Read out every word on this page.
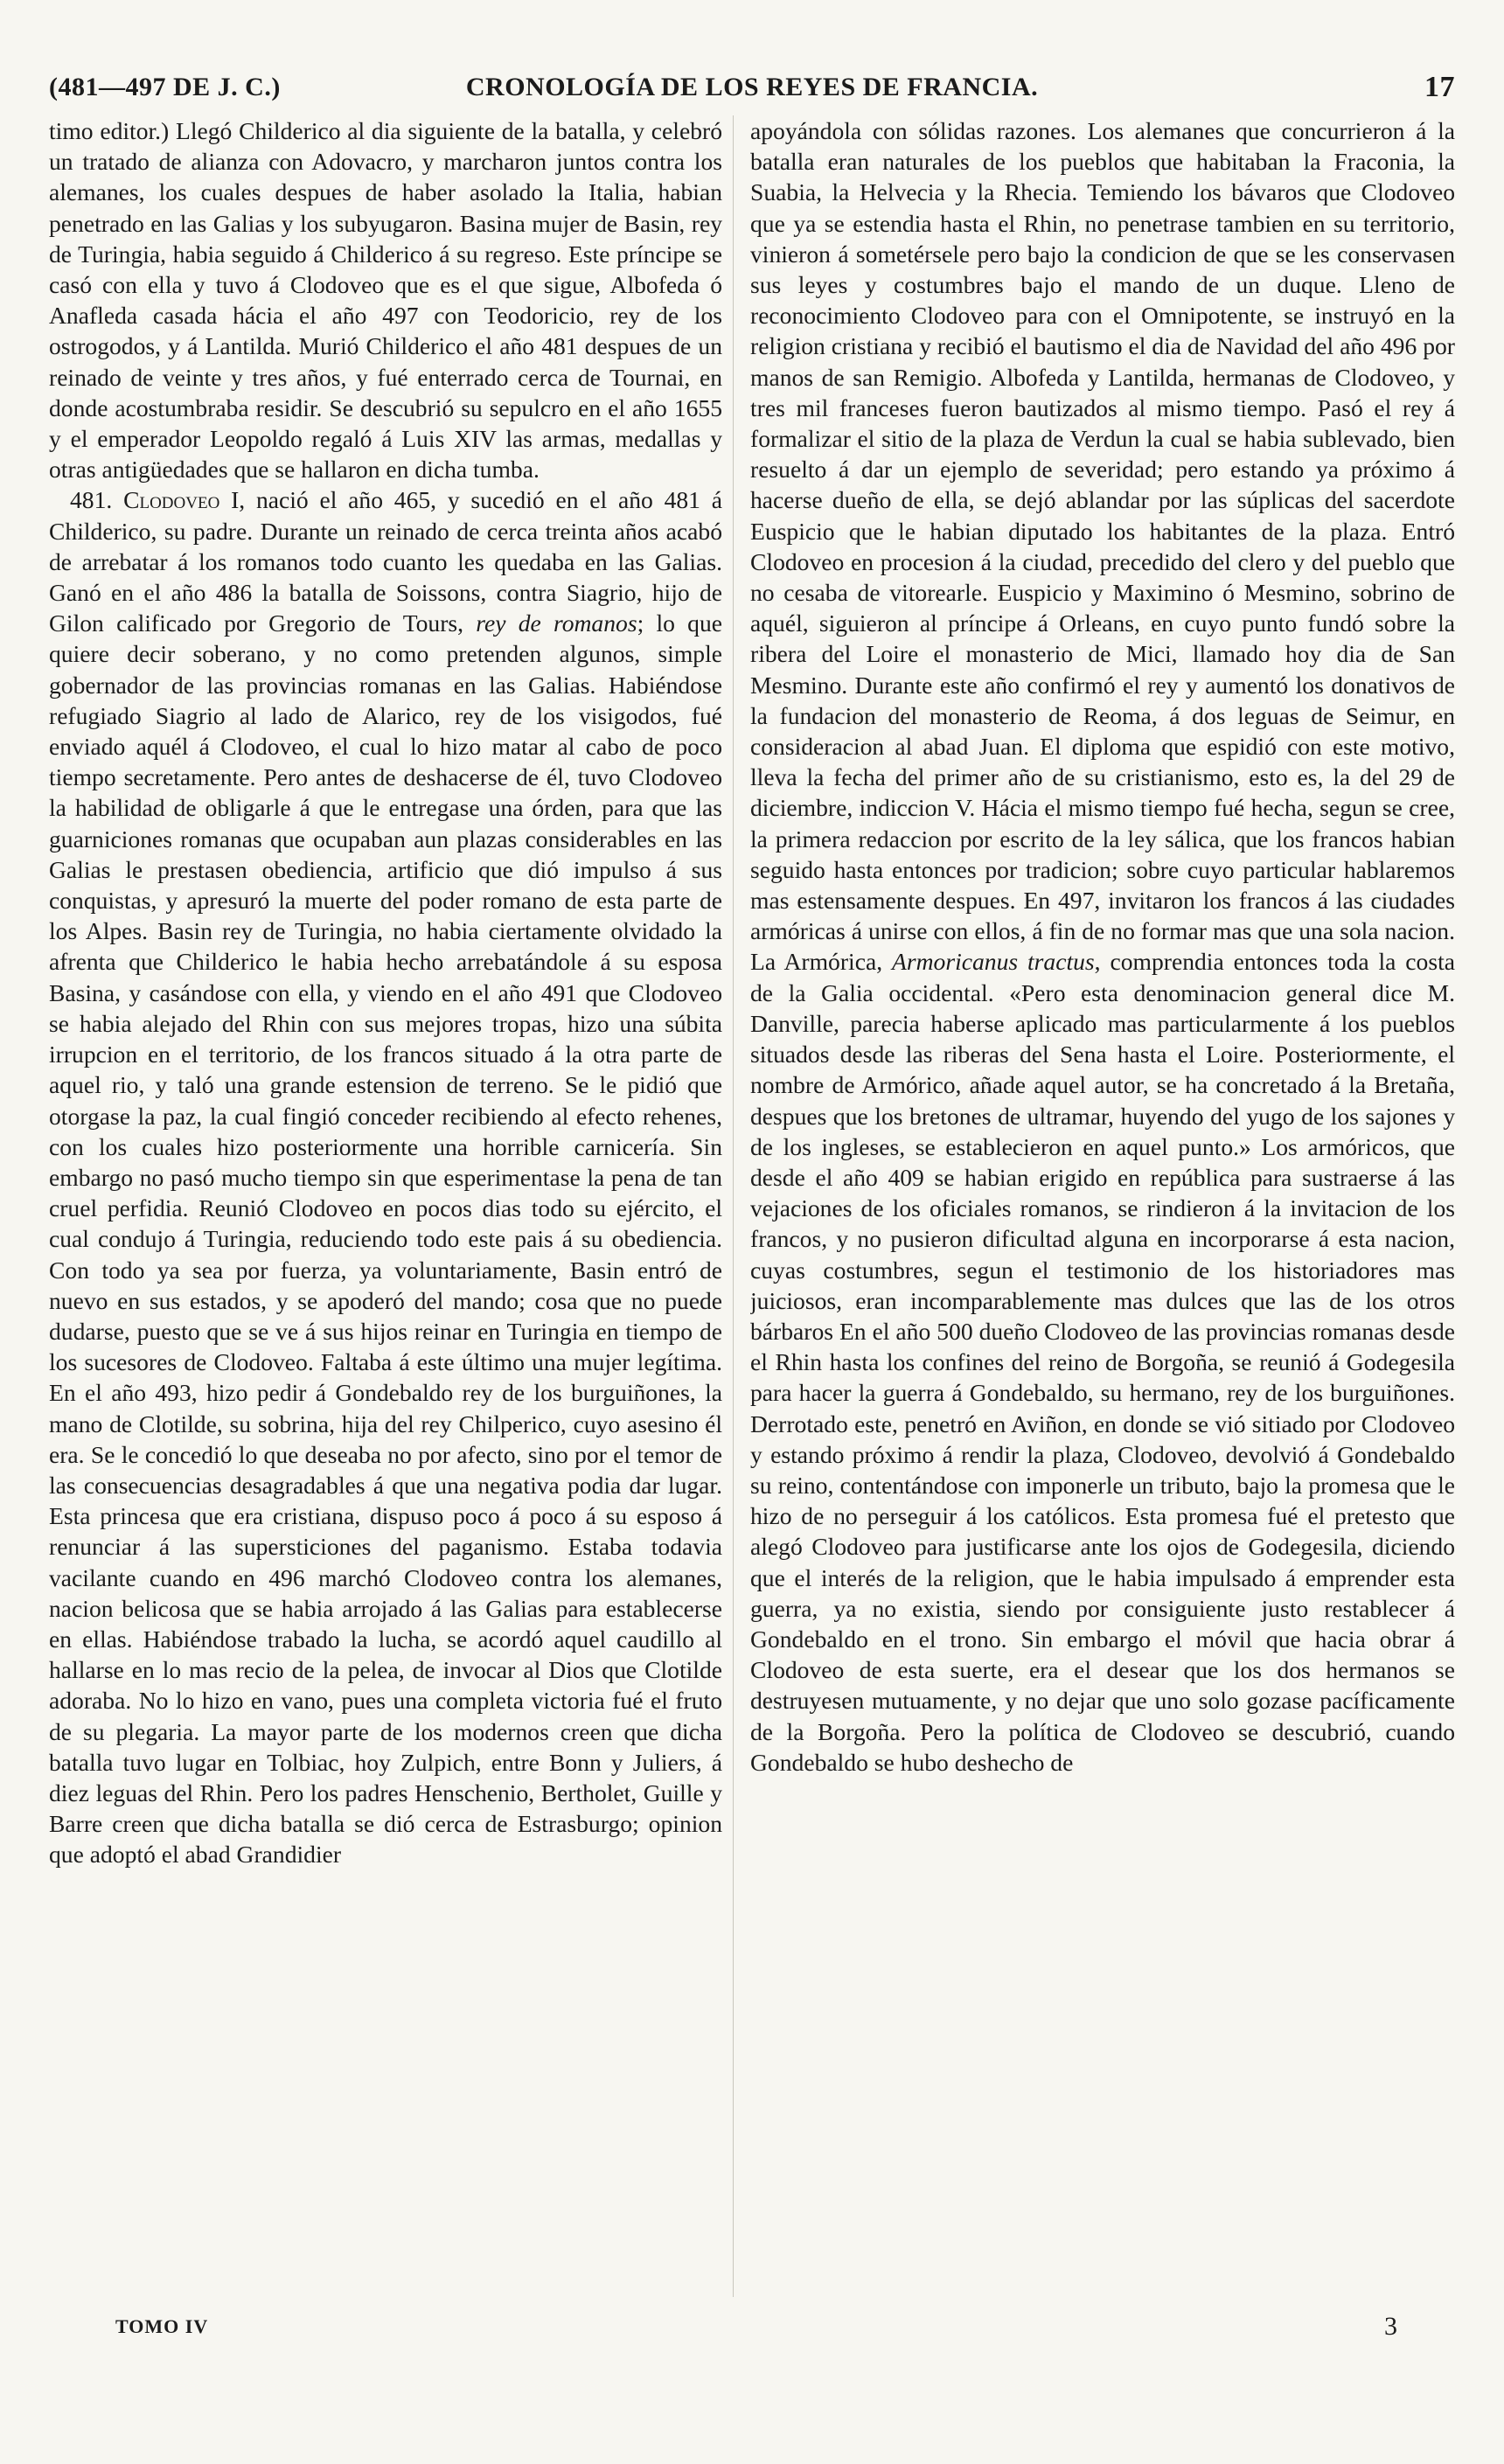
(481—497 DE J. C.)	CRONOLOGÍA DE LOS REYES DE FRANCIA.	17

timo editor.) Llegó Childerico al dia siguiente de la batalla, y celebró un tratado de alianza con Adovacro, y marcharon juntos contra los alemanes, los cuales despues de haber asolado la Italia, habian penetrado en las Galias y los subyugaron. Basina mujer de Basin, rey de Turingia, habia seguido á Childerico á su regreso. Este príncipe se casó con ella y tuvo á Clodoveo que es el que sigue, Albofeda ó Anafleda casada hácia el año 497 con Teodoricio, rey de los ostrogodos, y á Lantilda. Murió Childerico el año 481 despues de un reinado de veinte y tres años, y fué enterrado cerca de Tournai, en donde acostumbraba residir. Se descubrió su sepulcro en el año 1655 y el emperador Leopoldo regaló á Luis XIV las armas, medallas y otras antigüedades que se hallaron en dicha tumba.

481. Clodoveo I, nació el año 465, y sucedió en el año 481 á Childerico, su padre. Durante un reinado de cerca treinta años acabó de arrebatar á los romanos todo cuanto les quedaba en las Galias. Ganó en el año 486 la batalla de Soissons, contra Siagrio, hijo de Gilon calificado por Gregorio de Tours, rey de romanos; lo que quiere decir soberano, y no como pretenden algunos, simple gobernador de las provincias romanas en las Galias. Habiéndose refugiado Siagrio al lado de Alarico, rey de los visigodos, fué enviado aquél á Clodoveo, el cual lo hizo matar al cabo de poco tiempo secretamente. Pero antes de deshacerse de él, tuvo Clodoveo la habilidad de obligarle á que le entregase una órden, para que las guarniciones romanas que ocupaban aun plazas considerables en las Galias le prestasen obediencia, artificio que dió impulso á sus conquistas, y apresuró la muerte del poder romano de esta parte de los Alpes. Basin rey de Turingia, no habia ciertamente olvidado la afrenta que Childerico le habia hecho arrebatándole á su esposa Basina, y casándose con ella, y viendo en el año 491 que Clodoveo se habia alejado del Rhin con sus mejores tropas, hizo una súbita irrupcion en el territorio, de los francos situado á la otra parte de aquel rio, y taló una grande estension de terreno. Se le pidió que otorgase la paz, la cual fingió conceder recibiendo al efecto rehenes, con los cuales hizo posteriormente una horrible carnicería. Sin embargo no pasó mucho tiempo sin que esperimentase la pena de tan cruel perfidia. Reunió Clodoveo en pocos dias todo su ejército, el cual condujo á Turingia, reduciendo todo este pais á su obediencia. Con todo ya sea por fuerza, ya voluntariamente, Basin entró de nuevo en sus estados, y se apoderó del mando; cosa que no puede dudarse, puesto que se ve á sus hijos reinar en Turingia en tiempo de los sucesores de Clodoveo. Faltaba á este último una mujer legítima. En el año 493, hizo pedir á Gondebaldo rey de los burguiñones, la mano de Clotilde, su sobrina, hija del rey Chilperico, cuyo asesino él era. Se le concedió lo que deseaba no por afecto, sino por el temor de las consecuencias desagradables á que una negativa podia dar lugar. Esta princesa que era cristiana, dispuso poco á poco á su esposo á renunciar á las supersticiones del paganismo. Estaba todavia vacilante cuando en 496 marchó Clodoveo contra los alemanes, nacion belicosa que se habia arrojado á las Galias para establecerse en ellas. Habiéndose trabado la lucha, se acordó aquel caudillo al hallarse en lo mas recio de la pelea, de invocar al Dios que Clotilde adoraba. No lo hizo en vano, pues una completa victoria fué el fruto de su plegaria. La mayor parte de los modernos creen que dicha batalla tuvo lugar en Tolbiac, hoy Zulpich, entre Bonn y Juliers, á diez leguas del Rhin. Pero los padres Henschenio, Bertholet, Guille y Barre creen que dicha batalla se dió cerca de Estrasburgo; opinion que adoptó el abad Grandidier

apoyándola con sólidas razones. Los alemanes que concurrieron á la batalla eran naturales de los pueblos que habitaban la Fraconia, la Suabia, la Helvecia y la Rhecia. Temiendo los bávaros que Clodoveo que ya se estendia hasta el Rhin, no penetrase tambien en su territorio, vinieron á sometérsele pero bajo la condicion de que se les conservasen sus leyes y costumbres bajo el mando de un duque. Lleno de reconocimiento Clodoveo para con el Omnipotente, se instruyó en la religion cristiana y recibió el bautismo el dia de Navidad del año 496 por manos de san Remigio. Albofeda y Lantilda, hermanas de Clodoveo, y tres mil franceses fueron bautizados al mismo tiempo. Pasó el rey á formalizar el sitio de la plaza de Verdun la cual se habia sublevado, bien resuelto á dar un ejemplo de severidad; pero estando ya próximo á hacerse dueño de ella, se dejó ablandar por las súplicas del sacerdote Euspicio que le habian diputado los habitantes de la plaza. Entró Clodoveo en procesion á la ciudad, precedido del clero y del pueblo que no cesaba de vitorearle. Euspicio y Maximino ó Mesmino, sobrino de aquél, siguieron al príncipe á Orleans, en cuyo punto fundó sobre la ribera del Loire el monasterio de Mici, llamado hoy dia de San Mesmino. Durante este año confirmó el rey y aumentó los donativos de la fundacion del monasterio de Reoma, á dos leguas de Seimur, en consideracion al abad Juan. El diploma que espidió con este motivo, lleva la fecha del primer año de su cristianismo, esto es, la del 29 de diciembre, indiccion V. Hácia el mismo tiempo fué hecha, segun se cree, la primera redaccion por escrito de la ley sálica, que los francos habian seguido hasta entonces por tradicion; sobre cuyo particular hablaremos mas estensamente despues. En 497, invitaron los francos á las ciudades armóricas á unirse con ellos, á fin de no formar mas que una sola nacion. La Armórica, Armoricanus tractus, comprendia entonces toda la costa de la Galia occidental. «Pero esta denominacion general dice M. Danville, parecia haberse aplicado mas particularmente á los pueblos situados desde las riberas del Sena hasta el Loire. Posteriormente, el nombre de Armórico, añade aquel autor, se ha concretado á la Bretaña, despues que los bretones de ultramar, huyendo del yugo de los sajones y de los ingleses, se establecieron en aquel punto.» Los armóricos, que desde el año 409 se habian erigido en república para sustraerse á las vejaciones de los oficiales romanos, se rindieron á la invitacion de los francos, y no pusieron dificultad alguna en incorporarse á esta nacion, cuyas costumbres, segun el testimonio de los historiadores mas juiciosos, eran incomparablemente mas dulces que las de los otros bárbaros En el año 500 dueño Clodoveo de las provincias romanas desde el Rhin hasta los confines del reino de Borgoña, se reunió á Godegesila para hacer la guerra á Gondebaldo, su hermano, rey de los burguiñones. Derrotado este, penetró en Aviñon, en donde se vió sitiado por Clodoveo y estando próximo á rendir la plaza, Clodoveo, devolvió á Gondebaldo su reino, contentándose con imponerle un tributo, bajo la promesa que le hizo de no perseguir á los católicos. Esta promesa fué el pretesto que alegó Clodoveo para justificarse ante los ojos de Godegesila, diciendo que el interés de la religion, que le habia impulsado á emprender esta guerra, ya no existia, siendo por consiguiente justo restablecer á Gondebaldo en el trono. Sin embargo el móvil que hacia obrar á Clodoveo de esta suerte, era el desear que los dos hermanos se destruyesen mutuamente, y no dejar que uno solo gozase pacíficamente de la Borgoña. Pero la política de Clodoveo se descubrió, cuando Gondebaldo se hubo deshecho de

TOMO IV	3
